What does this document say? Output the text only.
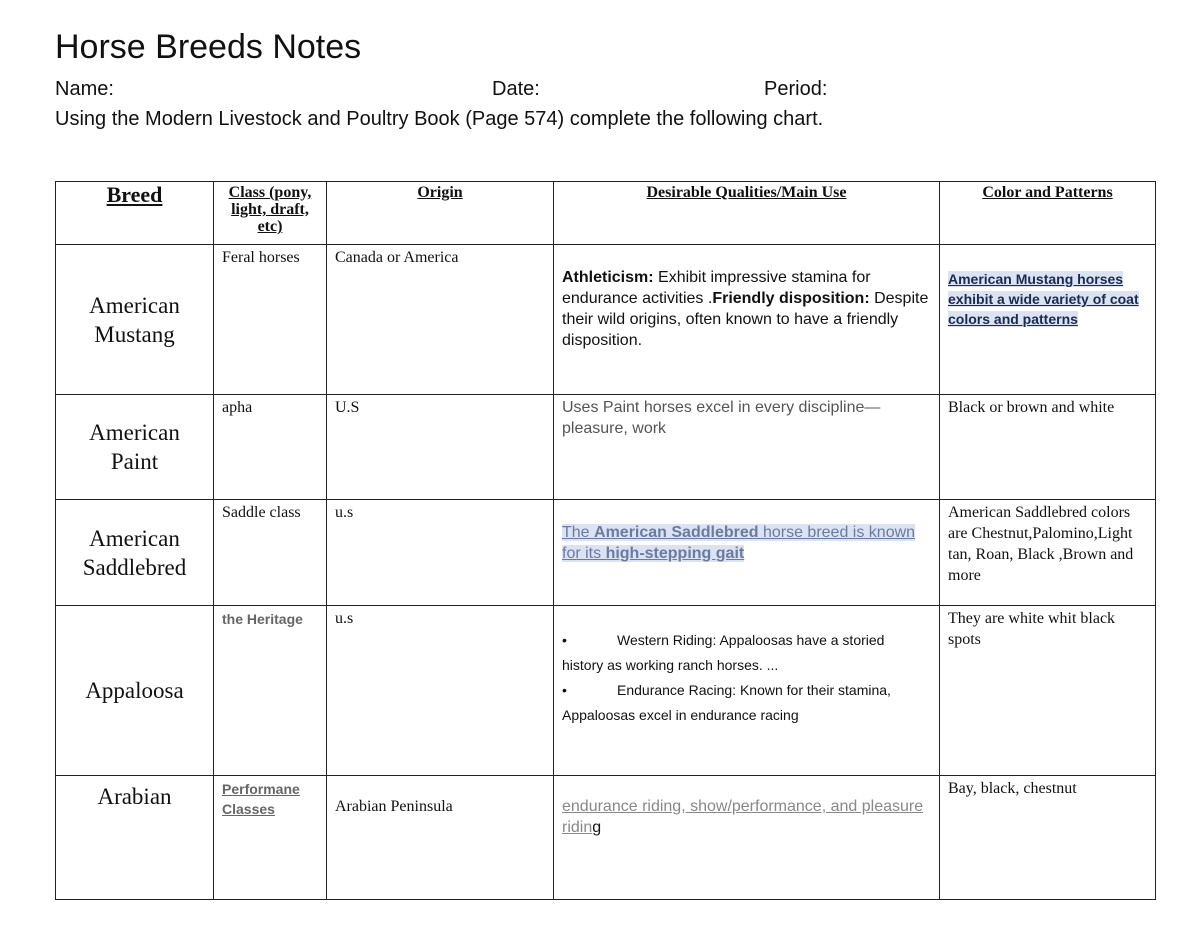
Horse Breeds Notes
Name:	Date:	Period:
Using the Modern Livestock and Poultry Book (Page 574) complete the following chart.
Breed	Class (pony,
light, draft,
etc)	Origin	Desirable Qualities/Main Use	Color and Patterns

American
Mustang	Feral horses	Canada or America	Athleticism: Exhibit impressive stamina for endurance activities .Friendly disposition: Despite their wild origins, often known to have a friendly disposition.	American Mustang horses exhibit a wide variety of coat colors and patterns

American
Paint	apha	U.S	Uses Paint horses excel in every discipline—pleasure, work	Black or brown and white

American
Saddlebred	Saddle class	u.s	The American Saddlebred horse breed is known for its high-stepping gait	American Saddlebred colors are Chestnut,Palomino,Light tan, Roan, Black ,Brown and more

Appaloosa	the Heritage	u.s	• Western Riding: Appaloosas have a storied
history as working ranch horses. ...
• Endurance Racing: Known for their stamina,
Appaloosas excel in endurance racing	They are white whit black spots

Arabian	Performane
Classes	Arabian Peninsula	endurance riding, show/performance, and pleasure riding	Bay, black, chestnut
